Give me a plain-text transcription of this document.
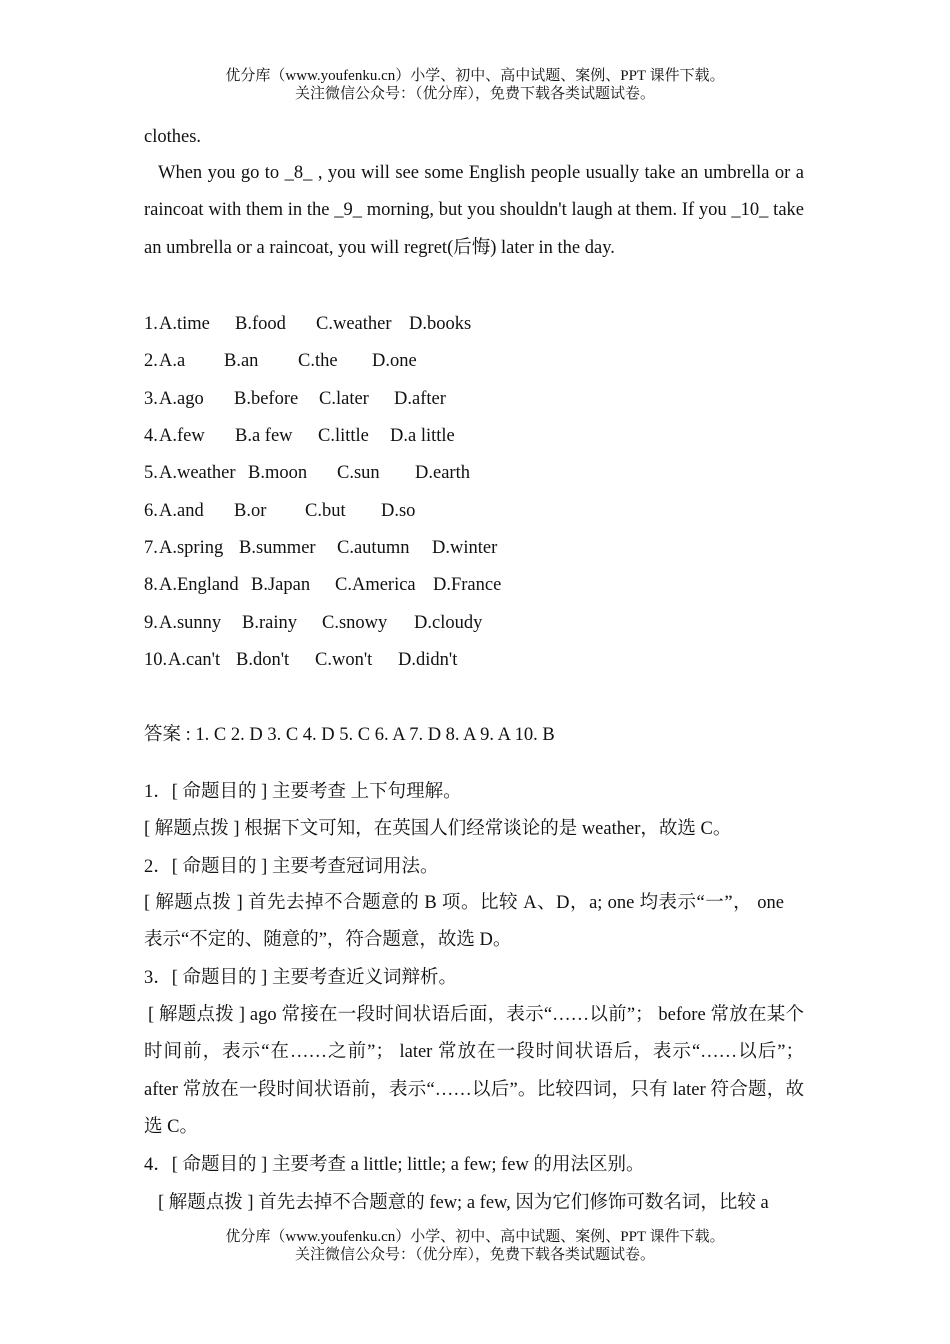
优分库（www.youfenku.cn）小学、初中、高中试题、案例、PPT 课件下载。
关注微信公众号：（优分库），免费下载各类试题试卷。
clothes.
When you go to _8_ , you will see some English people usually take an umbrella or a raincoat with them in the _9_ morning, but you shouldn't laugh at them. If you _10_ take an umbrella or a raincoat, you will regret(后悔) later in the day.
1. A.time B.food C.weather D.books
2. A.a B.an C.the D.one
3. A.ago B.before C.later D.after
4. A.few B.a few C.little D.a little
5. A.weather B.moon C.sun D.earth
6. A.and B.or C.but D.so
7. A.spring B.summer C.autumn D.winter
8. A.England B.Japan C.America D.France
9. A.sunny B.rainy C.snowy D.cloudy
10. A.can't B.don't C.won't D.didn't
答案 : 1. C 2. D 3. C 4. D 5. C 6. A 7. D 8. A 9. A 10. B
1．[ 命题目的 ] 主要考查 上下句理解。
[ 解题点拨 ] 根据下文可知，在英国人们经常谈论的是 weather，故选 C。
2．[ 命题目的 ] 主要考查冠词用法。
[ 解题点拨 ] 首先去掉不合题意的 B 项。比较 A、D，a; one 均表示“一”， one 表示“不定的、随意的”，符合题意，故选 D。
3．[ 命题目的 ] 主要考查近义词辩析。
[ 解题点拨 ] ago 常接在一段时间状语后面，表示“……以前”； before 常放在某个时间前，表示“在……之前”； later 常放在一段时间状语后，表示“……以后”；after 常放在一段时间状语前，表示“……以后”。比较四词，只有 later 符合题，故选 C。
4．[ 命题目的 ] 主要考查 a little; little; a few; few 的用法区别。
[ 解题点拨 ] 首先去掉不合题意的 few; a few, 因为它们修饰可数名词，比较 a
优分库（www.youfenku.cn）小学、初中、高中试题、案例、PPT 课件下载。
关注微信公众号：（优分库），免费下载各类试题试卷。
